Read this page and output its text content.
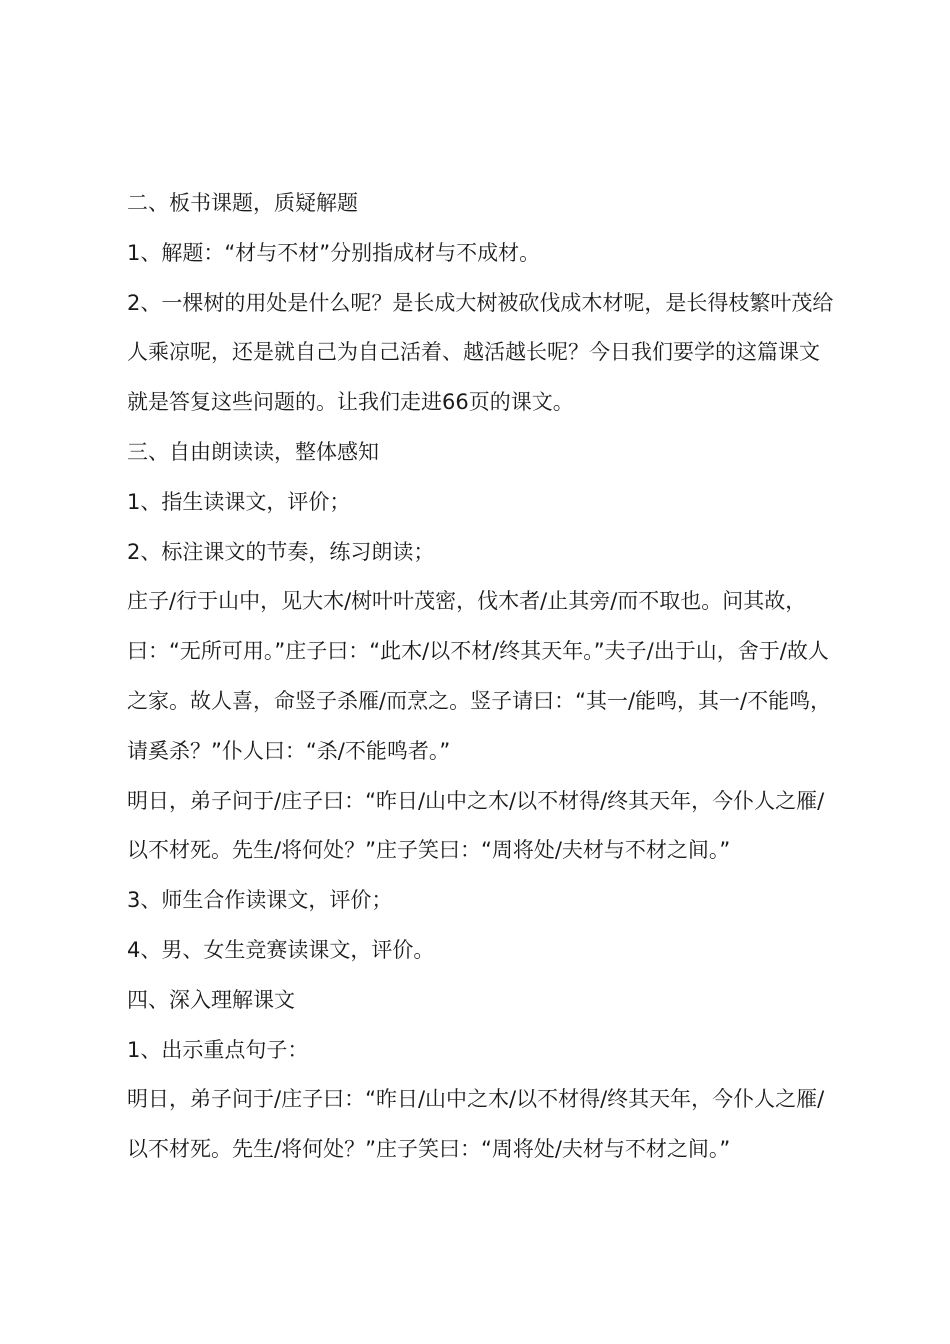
二、板书课题，质疑解题

1、解题：“材与不材”分别指成材与不成材。

2、一棵树的用处是什么呢？是长成大树被砍伐成木材呢，是长得枝繁叶茂给人乘凉呢，还是就自己为自己活着、越活越长呢？今日我们要学的这篇课文就是答复这些问题的。让我们走进66页的课文。

三、自由朗读读，整体感知

1、指生读课文，评价；

2、标注课文的节奏，练习朗读；

庄子/行于山中，见大木/树叶叶茂密，伐木者/止其旁/而不取也。问其故，曰：“无所可用。”庄子曰：“此木/以不材/终其天年。”夫子/出于山，舍于/故人之家。故人喜，命竖子杀雁/而烹之。竖子请曰：“其一/能鸣，其一/不能鸣，请奚杀？”仆人曰：“杀/不能鸣者。”

明日，弟子问于/庄子曰：“昨日/山中之木/以不材得/终其天年，今仆人之雁/以不材死。先生/将何处？”庄子笑曰：“周将处/夫材与不材之间。”

3、师生合作读课文，评价；

4、男、女生竞赛读课文，评价。

四、深入理解课文

1、出示重点句子：

明日，弟子问于/庄子曰：“昨日/山中之木/以不材得/终其天年，今仆人之雁/以不材死。先生/将何处？”庄子笑曰：“周将处/夫材与不材之间。”
